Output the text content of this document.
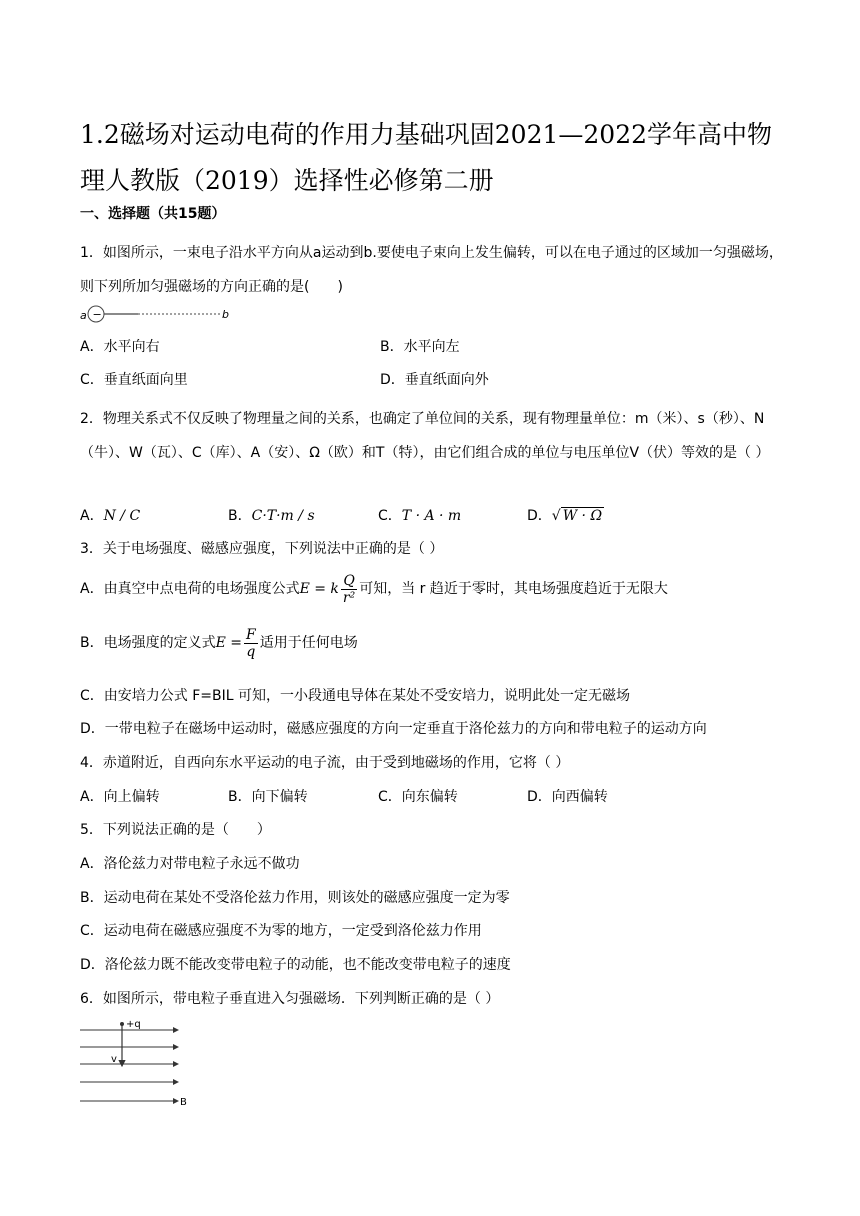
1.2磁场对运动电荷的作用力基础巩固2021—2022学年高中物理人教版（2019）选择性必修第二册
一、选择题（共15题）
1．如图所示，一束电子沿水平方向从a运动到b.要使电子束向上发生偏转，可以在电子通过的区域加一匀强磁场，则下列所加匀强磁场的方向正确的是(　　)
a −	b
A．水平向右	B．水平向左
C．垂直纸面向里	D．垂直纸面向外
2．物理关系式不仅反映了物理量之间的关系，也确定了单位间的关系，现有物理量单位：m（米）、s（秒）、N（牛）、W（瓦）、C（库）、A（安）、Ω（欧）和T（特），由它们组合成的单位与电压单位V（伏）等效的是（ ）
A．N / C	B．C·T·m / s	C．T · A · m	D．√ W · Ω
3．关于电场强度、磁感应强度，下列说法中正确的是（ ）
A．由真空中点电荷的电场强度公式E = k $\frac{Q}{\text{r²}}$ 可知，当 r 趋近于零时，其电场强度趋近于无限大
B．电场强度的定义式$E = \frac{F}{q}$ 适用于任何电场
C．由安培力公式 F=BIL 可知，一小段通电导体在某处不受安培力，说明此处一定无磁场
D．一带电粒子在磁场中运动时，磁感应强度的方向一定垂直于洛伦兹力的方向和带电粒子的运动方向
4．赤道附近，自西向东水平运动的电子流，由于受到地磁场的作用，它将（ ）
A．向上偏转	B．向下偏转	C．向东偏转	D．向西偏转
5．下列说法正确的是（　　）
A．洛伦兹力对带电粒子永远不做功
B．运动电荷在某处不受洛伦兹力作用，则该处的磁感应强度一定为零
C．运动电荷在磁感应强度不为零的地方，一定受到洛伦兹力作用
D．洛伦兹力既不能改变带电粒子的动能，也不能改变带电粒子的速度
6．如图所示，带电粒子垂直进入匀强磁场．下列判断正确的是（ ）
+q
v
B
